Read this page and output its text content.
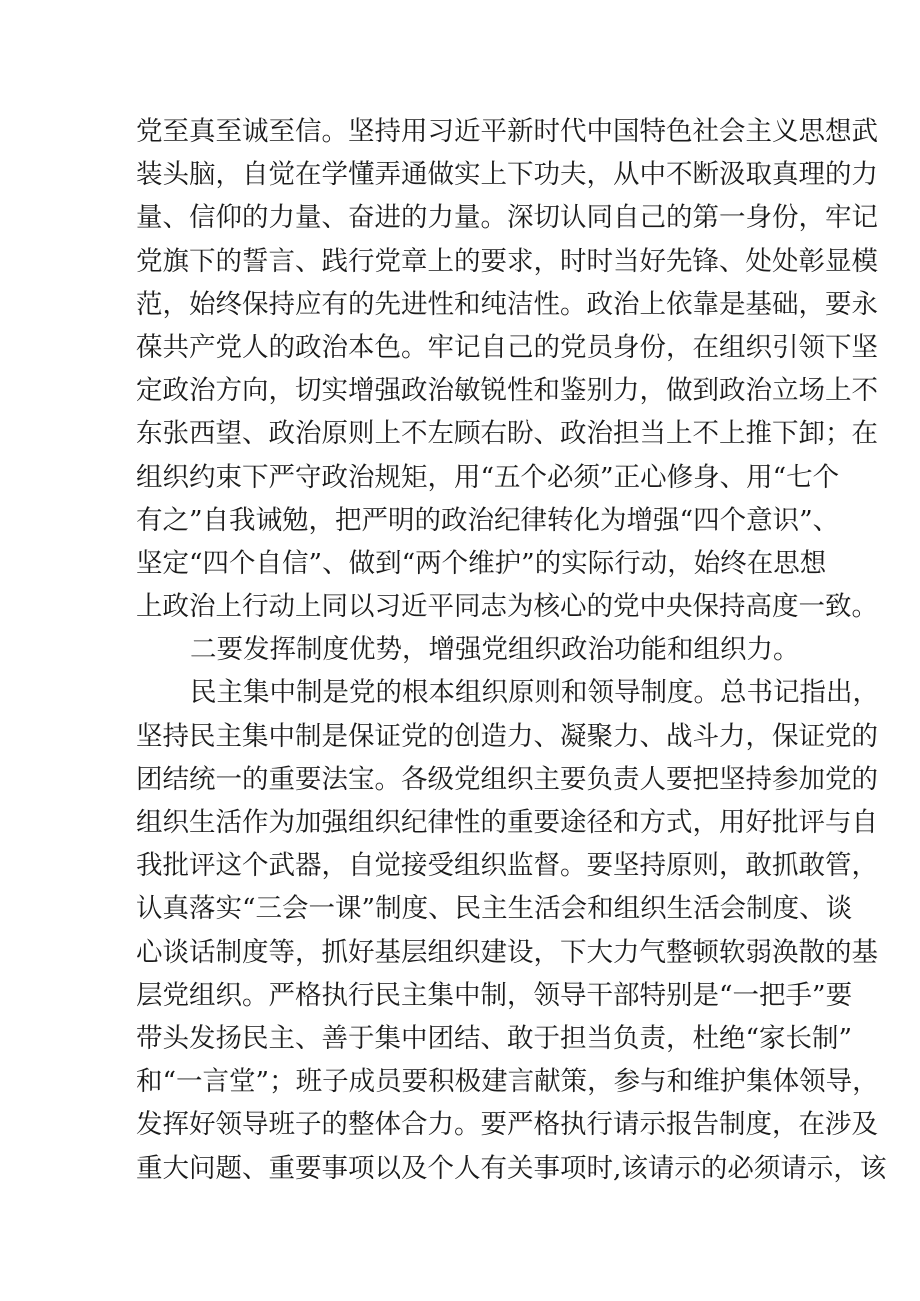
党至真至诚至信。坚持用习近平新时代中国特色社会主义思想武
装头脑，自觉在学懂弄通做实上下功夫，从中不断汲取真理的力
量、信仰的力量、奋进的力量。深切认同自己的第一身份，牢记
党旗下的誓言、践行党章上的要求，时时当好先锋、处处彰显模
范，始终保持应有的先进性和纯洁性。政治上依靠是基础，要永
葆共产党人的政治本色。牢记自己的党员身份，在组织引领下坚
定政治方向，切实增强政治敏锐性和鉴别力，做到政治立场上不
东张西望、政治原则上不左顾右盼、政治担当上不上推下卸；在
组织约束下严守政治规矩，用“五个必须”正心修身、用“七个
有之”自我诫勉，把严明的政治纪律转化为增强“四个意识”、
坚定“四个自信”、做到“两个维护”的实际行动，始终在思想
上政治上行动上同以习近平同志为核心的党中央保持高度一致。
二要发挥制度优势，增强党组织政治功能和组织力。
民主集中制是党的根本组织原则和领导制度。总书记指出，
坚持民主集中制是保证党的创造力、凝聚力、战斗力，保证党的
团结统一的重要法宝。各级党组织主要负责人要把坚持参加党的
组织生活作为加强组织纪律性的重要途径和方式，用好批评与自
我批评这个武器，自觉接受组织监督。要坚持原则，敢抓敢管，
认真落实“三会一课”制度、民主生活会和组织生活会制度、谈
心谈话制度等，抓好基层组织建设，下大力气整顿软弱涣散的基
层党组织。严格执行民主集中制，领导干部特别是“一把手”要
带头发扬民主、善于集中团结、敢于担当负责，杜绝“家长制”
和“一言堂”；班子成员要积极建言献策，参与和维护集体领导，
发挥好领导班子的整体合力。要严格执行请示报告制度，在涉及
重大问题、重要事项以及个人有关事项时,该请示的必须请示，该
